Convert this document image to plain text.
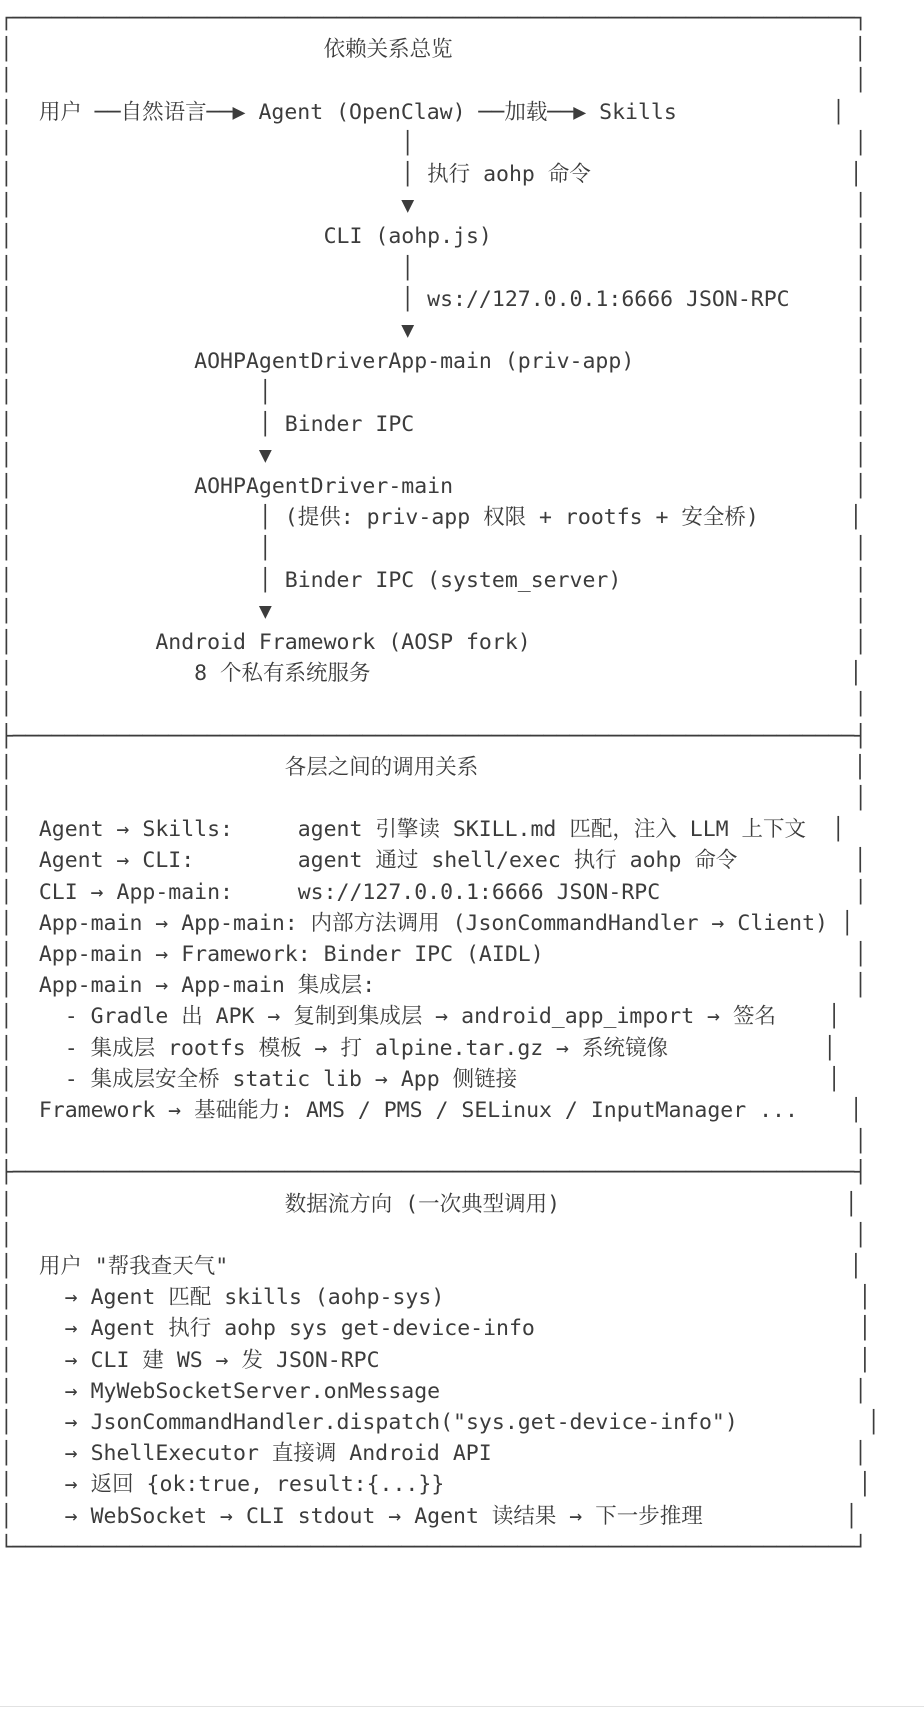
┌─────────────────────────────────────────────────────────────────┐
│                        依赖关系总览                               │
│                                                                 │
│  用户 ──自然语言──▶ Agent (OpenClaw) ──加载──▶ Skills            │
│                              │                                  │
│                              │ 执行 aohp 命令                    │
│                              ▼                                  │
│                        CLI (aohp.js)                            │
│                              │                                  │
│                              │ ws://127.0.0.1:6666 JSON-RPC     │
│                              ▼                                  │
│              AOHPAgentDriverApp-main (priv-app)                 │
│                   │                                             │
│                   │ Binder IPC                                  │
│                   ▼                                             │
│              AOHPAgentDriver-main                               │
│                   │ (提供: priv-app 权限 + rootfs + 安全桥)       │
│                   │                                             │
│                   │ Binder IPC (system_server)                  │
│                   ▼                                             │
│           Android Framework (AOSP fork)                         │
│              8 个私有系统服务                                     │
│                                                                 │
├─────────────────────────────────────────────────────────────────┤
│                     各层之间的调用关系                             │
│                                                                 │
│  Agent → Skills:     agent 引擎读 SKILL.md 匹配，注入 LLM 上下文  │
│  Agent → CLI:        agent 通过 shell/exec 执行 aohp 命令         │
│  CLI → App-main:     ws://127.0.0.1:6666 JSON-RPC               │
│  App-main → App-main: 内部方法调用 (JsonCommandHandler → Client) │
│  App-main → Framework: Binder IPC (AIDL)                        │
│  App-main → App-main 集成层:                                     │
│    - Gradle 出 APK → 复制到集成层 → android_app_import → 签名    │
│    - 集成层 rootfs 模板 → 打 alpine.tar.gz → 系统镜像            │
│    - 集成层安全桥 static lib → App 侧链接                        │
│  Framework → 基础能力: AMS / PMS / SELinux / InputManager ...    │
│                                                                 │
├─────────────────────────────────────────────────────────────────┤
│                     数据流方向 (一次典型调用)                      │
│                                                                 │
│  用户 "帮我查天气"                                                │
│    → Agent 匹配 skills (aohp-sys)                                │
│    → Agent 执行 aohp sys get-device-info                         │
│    → CLI 建 WS → 发 JSON-RPC                                     │
│    → MyWebSocketServer.onMessage                                │
│    → JsonCommandHandler.dispatch("sys.get-device-info")          │
│    → ShellExecutor 直接调 Android API                            │
│    → 返回 {ok:true, result:{...}}                                │
│    → WebSocket → CLI stdout → Agent 读结果 → 下一步推理           │
└─────────────────────────────────────────────────────────────────┘
